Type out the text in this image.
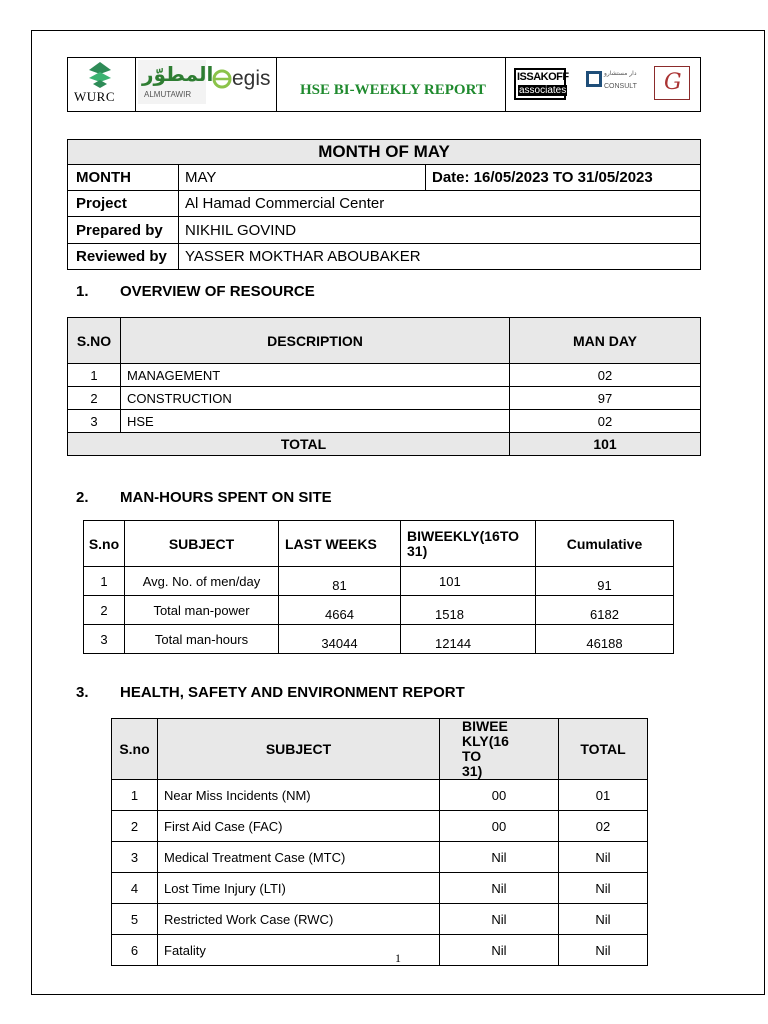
WURC
المطوّر
ALMUTAWIR
egis	ISSAKOFF
associates
دار مستشارو
CONSULT G
HSE BI-WEEKLY REPORT
MONTH OF MAY		
MONTH	MAY	Date: 16/05/2023 TO 31/05/2023
Project	Al Hamad Commercial Center	
Prepared by	NIKHIL GOVIND	
Reviewed by	YASSER MOKTHAR ABOUBAKER	
1. OVERVIEW OF RESOURCE
S.NO	DESCRIPTION	MAN DAY
1	MANAGEMENT	02
2	CONSTRUCTION	97
3	HSE	02
TOTAL		101
2. MAN-HOURS SPENT ON SITE
S.no	SUBJECT	LAST WEEKS	BIWEEKLY(16TO 31)	Cumulative
1	Avg. No. of men/day	81	101	91
2	Total man-power	4664	1518	6182
3	Total man-hours	34044	12144	46188
3. HEALTH, SAFETY AND ENVIRONMENT REPORT
S.no	SUBJECT	BIWEE KLY(16 TO 31)	TOTAL
1	Near Miss Incidents (NM)	00	01
2	First Aid Case (FAC)	00	02
3	Medical Treatment Case (MTC)	Nil	Nil
4	Lost Time Injury (LTI)	Nil	Nil
5	Restricted Work Case (RWC)	Nil	Nil
6	Fatality	Nil	Nil
1
